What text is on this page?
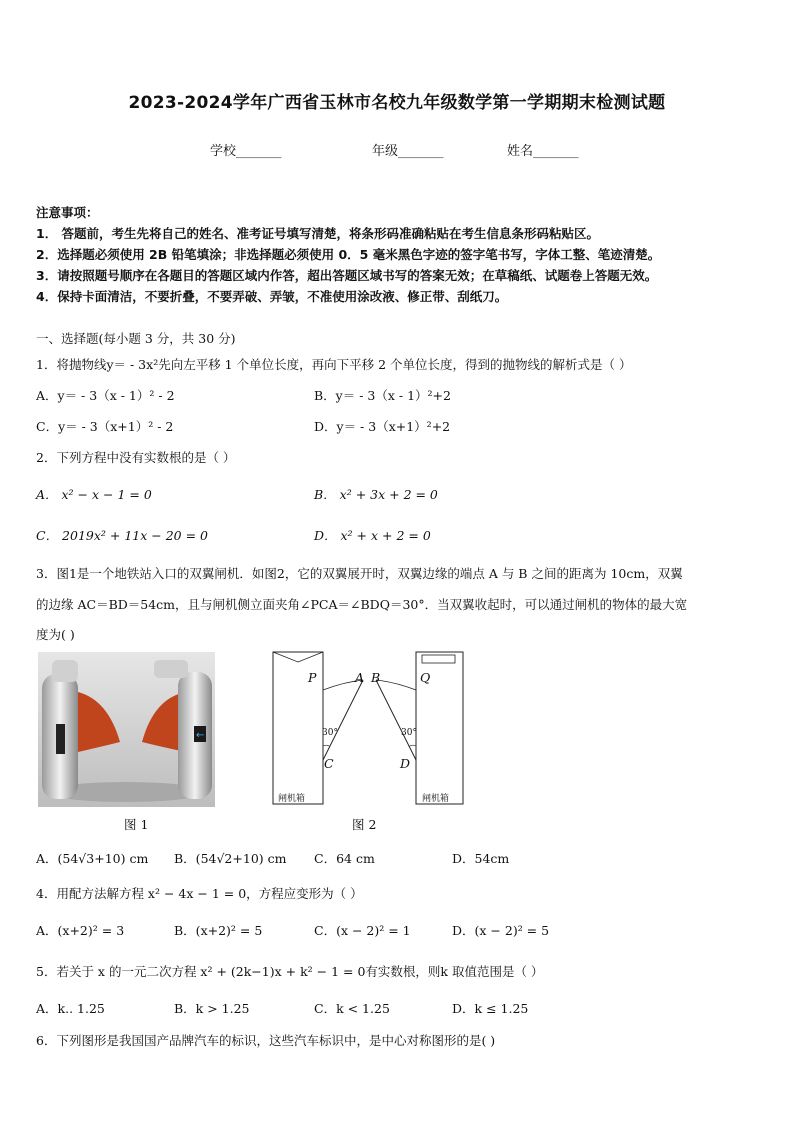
2023-2024学年广西省玉林市名校九年级数学第一学期期末检测试题
学校_______	年级_______	姓名_______
注意事项：
1． 答题前，考生先将自己的姓名、准考证号填写清楚，将条形码准确粘贴在考生信息条形码粘贴区。
2．选择题必须使用 2B 铅笔填涂；非选择题必须使用 0．5 毫米黑色字迹的签字笔书写，字体工整、笔迹清楚。
3．请按照题号顺序在各题目的答题区域内作答，超出答题区域书写的答案无效；在草稿纸、试题卷上答题无效。
4．保持卡面清洁，不要折叠，不要弄破、弄皱，不准使用涂改液、修正带、刮纸刀。
一、选择题(每小题 3 分，共 30 分)
1．将抛物线y＝ - 3x²先向左平移 1 个单位长度，再向下平移 2 个单位长度，得到的抛物线的解析式是（ ）
A．y＝ - 3（x - 1）² - 2	B．y＝ - 3（x - 1）²+2
C．y＝ - 3（x+1）² - 2	D．y＝ - 3（x+1）²+2
2．下列方程中没有实数根的是（ ）
A． x² − x − 1 = 0	B． x² + 3x + 2 = 0
C． 2019x² + 11x − 20 = 0	D． x² + x + 2 = 0
3．图1是一个地铁站入口的双翼闸机．如图2，它的双翼展开时，双翼边缘的端点 A 与 B 之间的距离为 10cm，双翼
的边缘 AC＝BD＝54cm，且与闸机侧立面夹角∠PCA＝∠BDQ＝30°．当双翼收起时，可以通过闸机的物体的最大宽
度为( )
←
图 1
P	A B	Q
30°	30°
C	D
闸机箱	闸机箱
图 2
A．(54√3+10) cm B．(54√2+10) cm C．64 cm	D．54cm
4．用配方法解方程 x² − 4x − 1 = 0，方程应变形为（ ）
A．(x+2)² = 3	B．(x+2)² = 5	C．(x − 2)² = 1	D．(x − 2)² = 5
5．若关于 x 的一元二次方程 x² + (2k−1)x + k² − 1 = 0有实数根，则k 取值范围是（ ）
A．k.. 1.25	B．k > 1.25	C．k < 1.25	D．k ≤ 1.25
6．下列图形是我国国产品牌汽车的标识，这些汽车标识中，是中心对称图形的是( )
